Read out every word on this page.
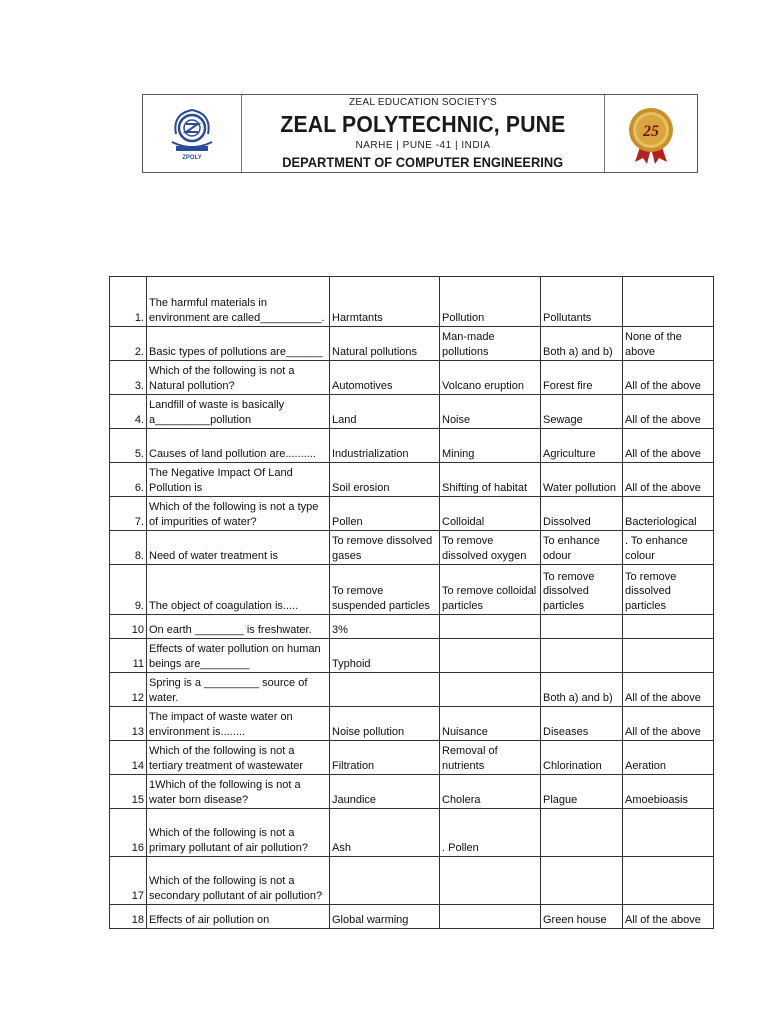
ZPOLY
ZEAL EDUCATION SOCIETY'S
ZEAL POLYTECHNIC, PUNE
NARHE | PUNE -41 | INDIA
DEPARTMENT OF COMPUTER ENGINEERING
25
1.	The harmful materials in environment are called__________.	Harmtants	Pollution	Pollutants	
2.	Basic types of pollutions are______	Natural pollutions	Man-made pollutions	Both a) and b)	None of the above
3.	Which of the following is not a Natural pollution?	Automotives	Volcano eruption	Forest fire	All of the above
4.	Landfill of waste is basically a_________pollution	Land	Noise	Sewage	All of the above
5.	Causes of land pollution are..........	Industrialization	Mining	Agriculture	All of the above
6.	The Negative Impact Of Land Pollution is	Soil erosion	Shifting of habitat	Water pollution	All of the above
7.	Which of the following is not a type of impurities of water?	Pollen	Colloidal	Dissolved	Bacteriological
8.	Need of water treatment is	To remove dissolved gases	To remove dissolved oxygen	To enhance odour	. To enhance colour
9.	The object of coagulation is.....	To remove suspended particles	To remove colloidal particles	To remove dissolved particles	To remove dissolved particles
10	On earth ________ is freshwater.	3%			
11	Effects of water pollution on human beings are________	Typhoid			
12	Spring is a _________ source of water.			Both a) and b)	All of the above
13	The impact of waste water on environment is........	Noise pollution	Nuisance	Diseases	All of the above
14	Which of the following is not a tertiary treatment of wastewater	Filtration	Removal of nutrients	Chlorination	Aeration
15	1Which of the following is not a water born disease?	Jaundice	Cholera	Plague	Amoebioasis
16	Which of the following is not a primary pollutant of air pollution?	Ash	. Pollen		
17	Which of the following is not a secondary pollutant of air pollution?				
18	Effects of air pollution on	Global warming		Green house	All of the above
